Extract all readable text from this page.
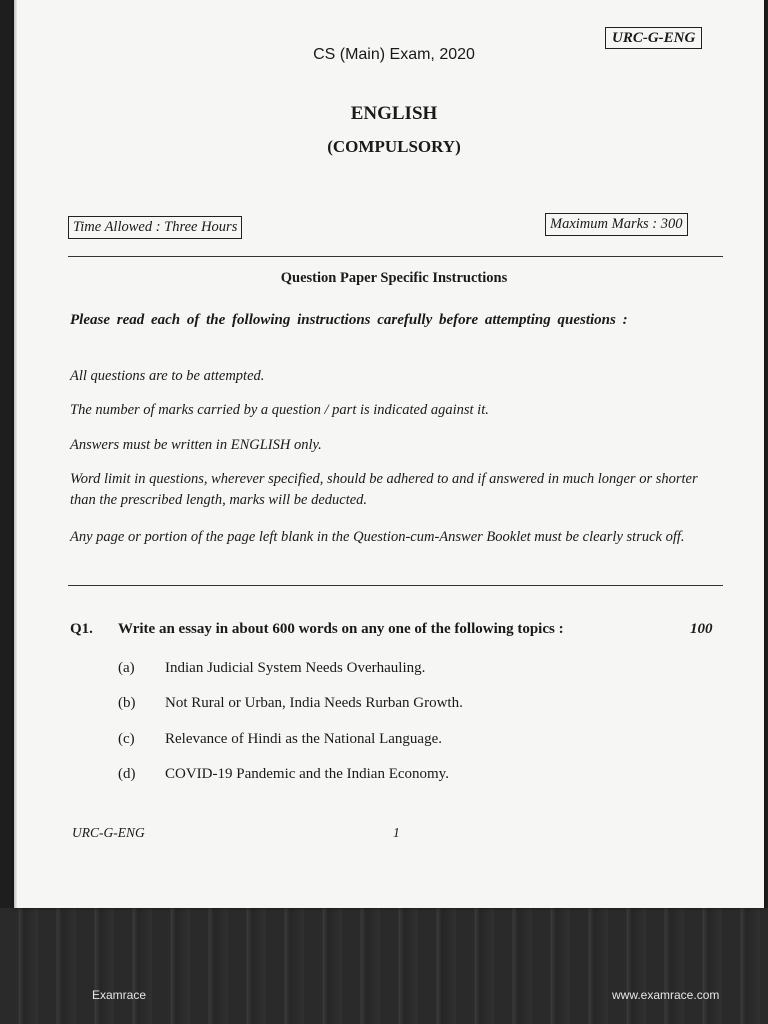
URC-G-ENG
CS (Main) Exam, 2020
ENGLISH
(COMPULSORY)
Time Allowed : Three Hours	Maximum Marks : 300
Question Paper Specific Instructions
Please read each of the following instructions carefully before attempting questions :
All questions are to be attempted.
The number of marks carried by a question / part is indicated against it.
Answers must be written in ENGLISH only.
Word limit in questions, wherever specified, should be adhered to and if answered in much longer or shorter than the prescribed length, marks will be deducted.
Any page or portion of the page left blank in the Question-cum-Answer Booklet must be clearly struck off.
Q1. Write an essay in about 600 words on any one of the following topics :	100
(a) Indian Judicial System Needs Overhauling.
(b) Not Rural or Urban, India Needs Rurban Growth.
(c) Relevance of Hindi as the National Language.
(d) COVID-19 Pandemic and the Indian Economy.
URC-G-ENG	1
Examrace	www.examrace.com
